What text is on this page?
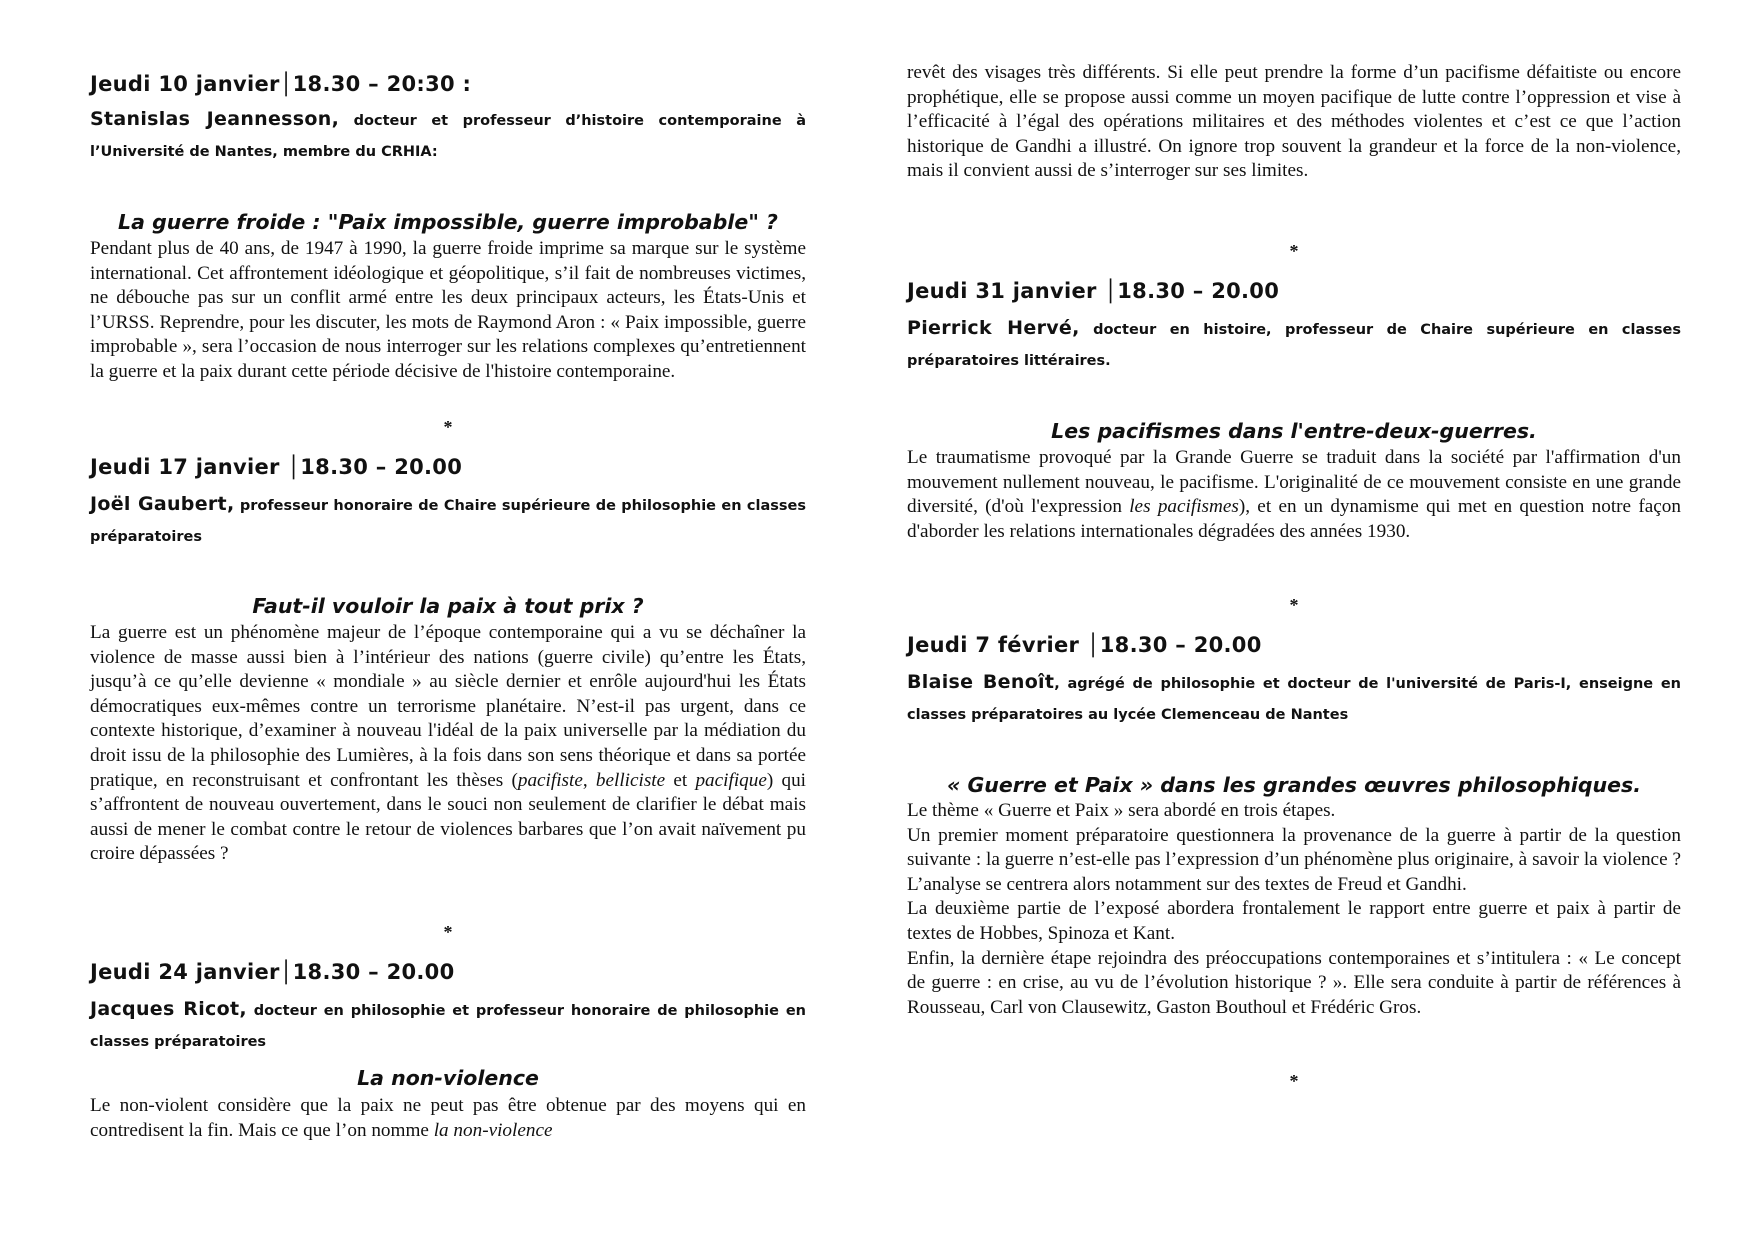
Jeudi 10 janvier│18.30 – 20:30 :
Stanislas Jeannesson, docteur et professeur d’histoire contemporaine à l’Université de Nantes, membre du CRHIA:
La guerre froide : "Paix impossible, guerre improbable" ?
Pendant plus de 40 ans, de 1947 à 1990, la guerre froide imprime sa marque sur le système international. Cet affrontement idéologique et géopolitique, s’il fait de nombreuses victimes, ne débouche pas sur un conflit armé entre les deux principaux acteurs, les États-Unis et l’URSS. Reprendre, pour les discuter, les mots de Raymond Aron : « Paix impossible, guerre improbable », sera l’occasion de nous interroger sur les relations complexes qu’entretiennent la guerre et la paix durant cette période décisive de l'histoire contemporaine.
*
Jeudi 17 janvier │18.30 – 20.00
Joël Gaubert, professeur honoraire de Chaire supérieure de philosophie en classes préparatoires
Faut-il vouloir la paix à tout prix ?
La guerre est un phénomène majeur de l’époque contemporaine qui a vu se déchaîner la violence de masse aussi bien à l’intérieur des nations (guerre civile) qu’entre les États, jusqu’à ce qu’elle devienne « mondiale » au siècle dernier et enrôle aujourd'hui les États démocratiques eux-mêmes contre un terrorisme planétaire. N’est-il pas urgent, dans ce contexte historique, d’examiner à nouveau l'idéal de la paix universelle par la médiation du droit issu de la philosophie des Lumières, à la fois dans son sens théorique et dans sa portée pratique, en reconstruisant et confrontant les thèses (pacifiste, belliciste et pacifique) qui s’affrontent de nouveau ouvertement, dans le souci non seulement de clarifier le débat mais aussi de mener le combat contre le retour de violences barbares que l’on avait naïvement pu croire dépassées ?
*
Jeudi 24 janvier│18.30 – 20.00
Jacques Ricot, docteur en philosophie et professeur honoraire de philosophie en classes préparatoires
La non-violence
Le non-violent considère que la paix ne peut pas être obtenue par des moyens qui en contredisent la fin. Mais ce que l’on nomme la non-violence
revêt des visages très différents. Si elle peut prendre la forme d’un pacifisme défaitiste ou encore prophétique, elle se propose aussi comme un moyen pacifique de lutte contre l’oppression et vise à l’efficacité à l’égal des opérations militaires et des méthodes violentes et c’est ce que l’action historique de Gandhi a illustré. On ignore trop souvent la grandeur et la force de la non-violence, mais il convient aussi de s’interroger sur ses limites.
*
Jeudi 31 janvier │18.30 – 20.00
Pierrick Hervé, docteur en histoire, professeur de Chaire supérieure en classes préparatoires littéraires.
Les pacifismes dans l'entre-deux-guerres.
Le traumatisme provoqué par la Grande Guerre se traduit dans la société par l'affirmation d'un mouvement nullement nouveau, le pacifisme. L'originalité de ce mouvement consiste en une grande diversité, (d'où l'expression les pacifismes), et en un dynamisme qui met en question notre façon d'aborder les relations internationales dégradées des années 1930.
*
Jeudi 7 février │18.30 – 20.00
Blaise Benoît, agrégé de philosophie et docteur de l'université de Paris-I, enseigne en classes préparatoires au lycée Clemenceau de Nantes
« Guerre et Paix » dans les grandes œuvres philosophiques.

Le thème « Guerre et Paix » sera abordé en trois étapes.

Un premier moment préparatoire questionnera la provenance de la guerre à partir de la question suivante : la guerre n’est-elle pas l’expression d’un phénomène plus originaire, à savoir la violence ? L’analyse se centrera alors notamment sur des textes de Freud et Gandhi.

La deuxième partie de l’exposé abordera frontalement le rapport entre guerre et paix à partir de textes de Hobbes, Spinoza et Kant.

Enfin, la dernière étape rejoindra des préoccupations contemporaines et s’intitulera : « Le concept de guerre : en crise, au vu de l’évolution historique ? ». Elle sera conduite à partir de références à Rousseau, Carl von Clausewitz, Gaston Bouthoul et Frédéric Gros.

*
